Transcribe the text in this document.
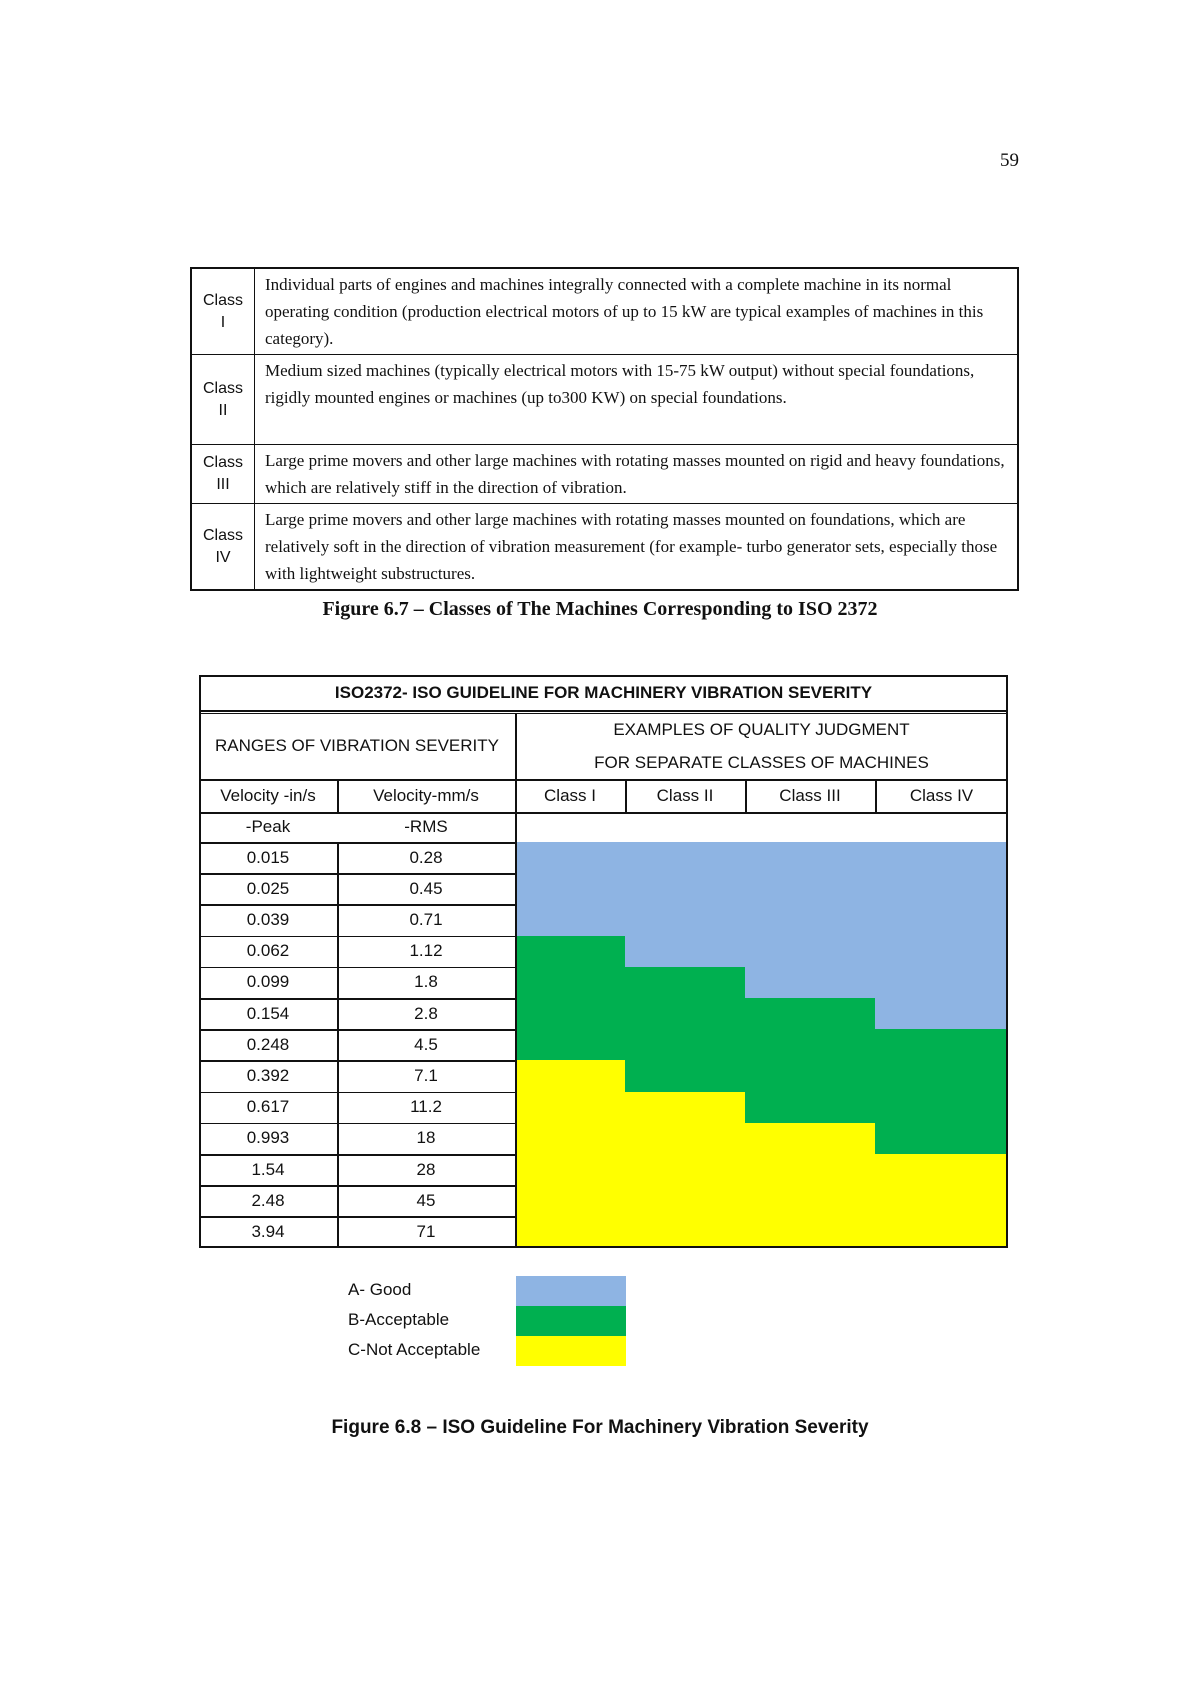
59
Class
I	Individual parts of engines and machines integrally connected with a complete machine in its normal operating condition (production electrical motors of up to 15 kW are typical examples of machines in this category).

Class
II	Medium sized machines (typically electrical motors with 15-75 kW output) without special foundations, rigidly mounted engines or machines (up to300 KW) on special foundations.

Class
III	Large prime movers and other large machines with rotating masses mounted on rigid and heavy foundations, which are relatively stiff in the direction of vibration.

Class
IV	Large prime movers and other large machines with rotating masses mounted on foundations, which are relatively soft in the direction of vibration measurement (for example- turbo generator sets, especially those with lightweight substructures.
Figure 6.7 – Classes of The Machines Corresponding to ISO 2372
ISO2372- ISO GUIDELINE FOR MACHINERY VIBRATION SEVERITY
RANGES OF VIBRATION SEVERITY
EXAMPLES OF QUALITY JUDGMENT
FOR SEPARATE CLASSES OF MACHINES
Velocity -in/s	Velocity-mm/s	Class I	Class II	Class III	Class IV
-Peak	-RMS
0.015	0.28
0.025	0.45
0.039	0.71
0.062	1.12
0.099	1.8
0.154	2.8
0.248	4.5
0.392	7.1
0.617	11.2
0.993	18
1.54	28
2.48	45
3.94	71
A- Good
B-Acceptable
C-Not Acceptable
Figure 6.8 – ISO Guideline For Machinery Vibration Severity
